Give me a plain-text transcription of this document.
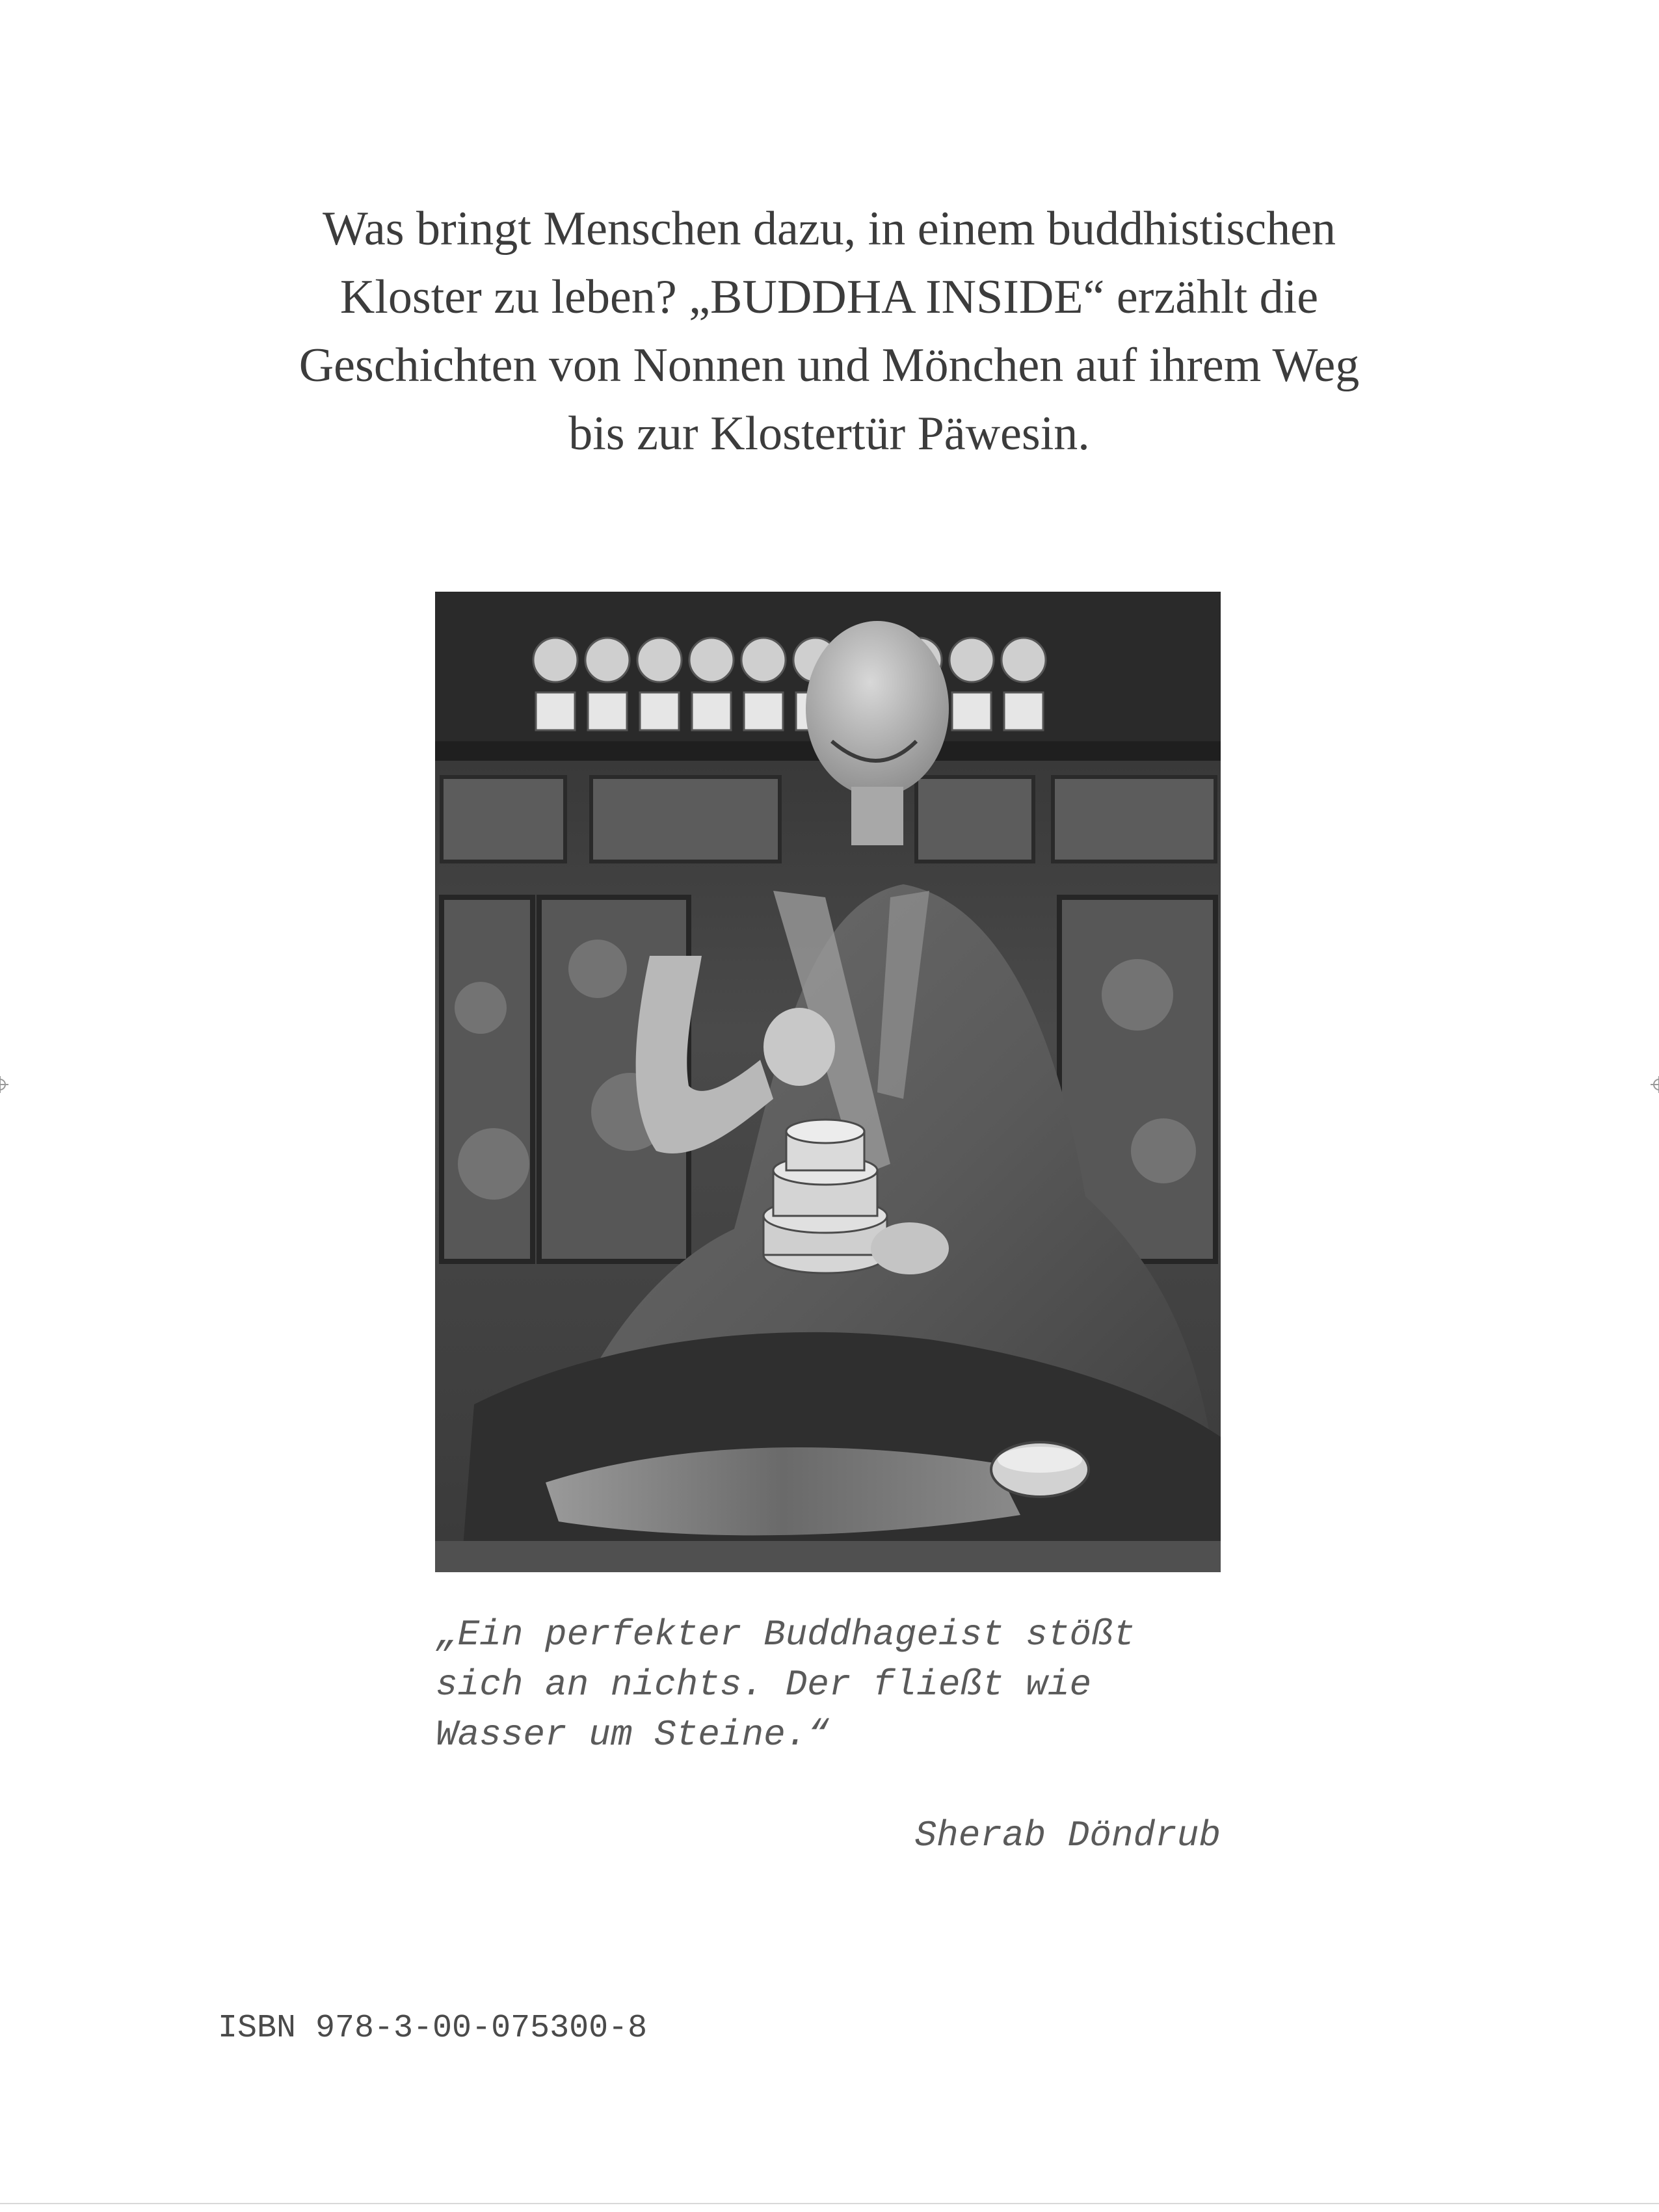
Was bringt Menschen dazu, in einem buddhistischen
Kloster zu leben? „BUDDHA INSIDE“ erzählt die
Geschichten von Nonnen und Mönchen auf ihrem Weg
bis zur Klostertür Päwesin.

„Ein perfekter Buddhageist stößt
sich an nichts. Der fließt wie
Wasser um Steine.“

Sherab Döndrub
ISBN 978-3-00-075300-8
